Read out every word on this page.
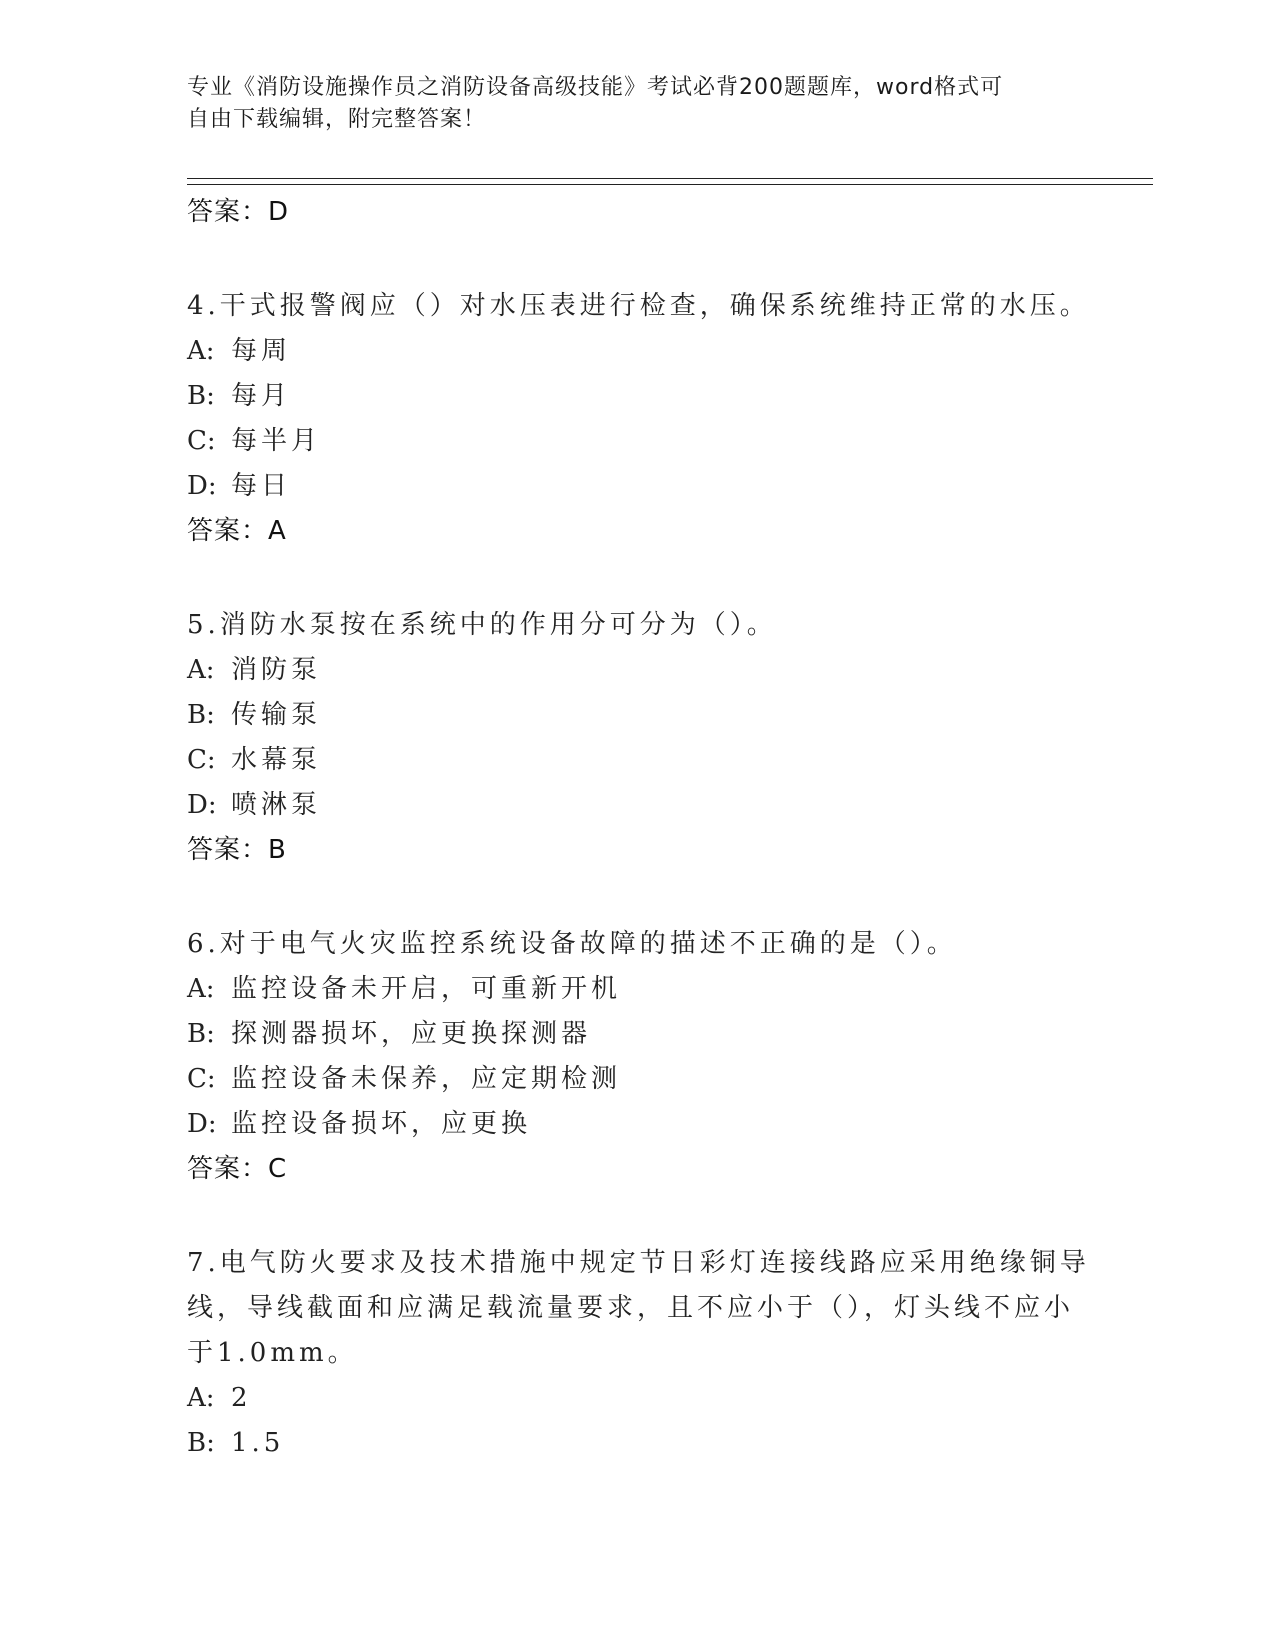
专业《消防设施操作员之消防设备高级技能》考试必背200题题库，word格式可
自由下载编辑，附完整答案！

答案：D

4.干式报警阀应（）对水压表进行检查，确保系统维持正常的水压。

A: 每周

B: 每月

C: 每半月

D: 每日

答案：A

5.消防水泵按在系统中的作用分可分为（）。

A: 消防泵

B: 传输泵

C: 水幕泵

D: 喷淋泵

答案：B

6.对于电气火灾监控系统设备故障的描述不正确的是（）。

A: 监控设备未开启，可重新开机

B: 探测器损坏，应更换探测器

C: 监控设备未保养，应定期检测

D: 监控设备损坏，应更换

答案：C

7.电气防火要求及技术措施中规定节日彩灯连接线路应采用绝缘铜导

线，导线截面和应满足载流量要求，且不应小于（），灯头线不应小

于1.0mm。

A: 2

B: 1.5
